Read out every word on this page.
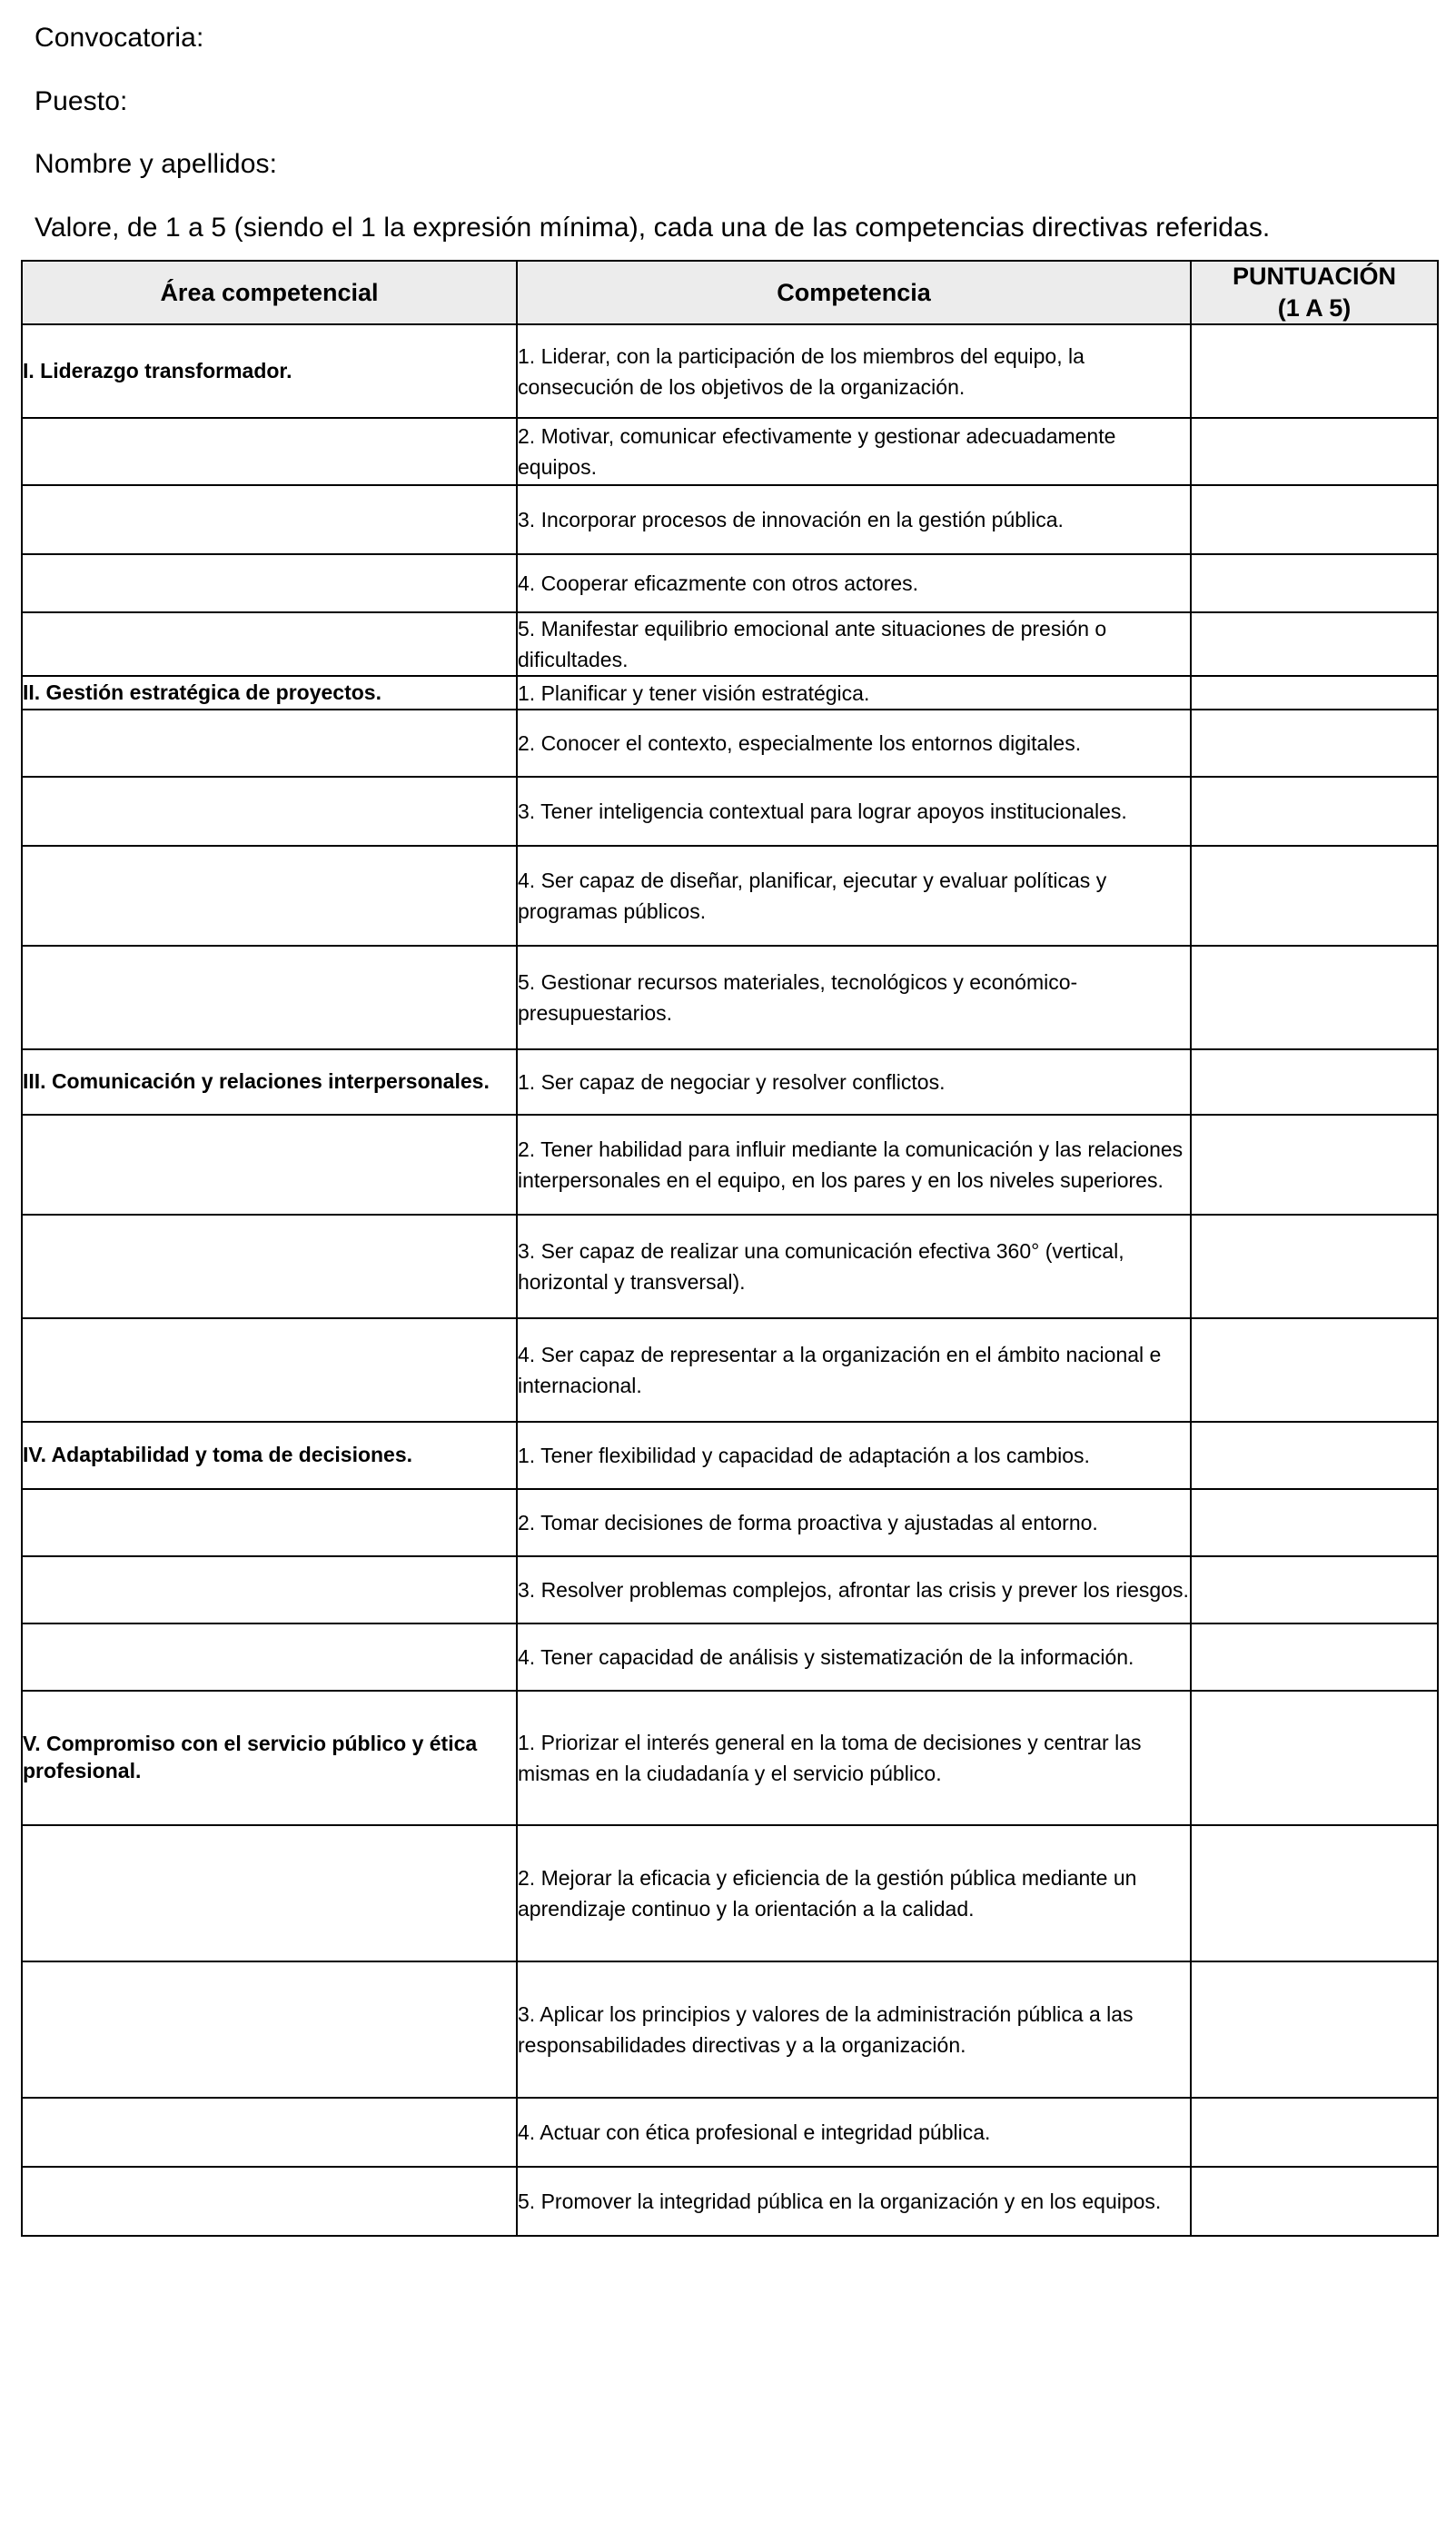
Convocatoria:

Puesto:

Nombre y apellidos:

Valore, de 1 a 5 (siendo el 1 la expresión mínima), cada una de las competencias directivas referidas.

Área competencial	Competencia	PUNTUACIÓN
(1 A 5)

I. Liderazgo transformador.	1. Liderar, con la participación de los miembros del equipo, la consecución de los objetivos de la organización.	
	2. Motivar, comunicar efectivamente y gestionar adecuadamente equipos.	
	3. Incorporar procesos de innovación en la gestión pública.	
	4. Cooperar eficazmente con otros actores.	
	5. Manifestar equilibrio emocional ante situaciones de presión o dificultades.	
II. Gestión estratégica de proyectos.	1. Planificar y tener visión estratégica.	
	2. Conocer el contexto, especialmente los entornos digitales.	
	3. Tener inteligencia contextual para lograr apoyos institucionales.	
	4. Ser capaz de diseñar, planificar, ejecutar y evaluar políticas y programas públicos.	
	5. Gestionar recursos materiales, tecnológicos y económico-presupuestarios.	
III. Comunicación y relaciones interpersonales.	1. Ser capaz de negociar y resolver conflictos.	
	2. Tener habilidad para influir mediante la comunicación y las relaciones interpersonales en el equipo, en los pares y en los niveles superiores.	
	3. Ser capaz de realizar una comunicación efectiva 360° (vertical, horizontal y transversal).	
	4. Ser capaz de representar a la organización en el ámbito nacional e internacional.	
IV. Adaptabilidad y toma de decisiones.	1. Tener flexibilidad y capacidad de adaptación a los cambios.	
	2. Tomar decisiones de forma proactiva y ajustadas al entorno.	
	3. Resolver problemas complejos, afrontar las crisis y prever los riesgos.	
	4. Tener capacidad de análisis y sistematización de la información.	
V. Compromiso con el servicio público y ética profesional.	1. Priorizar el interés general en la toma de decisiones y centrar las mismas en la ciudadanía y el servicio público.	
	2. Mejorar la eficacia y eficiencia de la gestión pública mediante un aprendizaje continuo y la orientación a la calidad.	
	3. Aplicar los principios y valores de la administración pública a las responsabilidades directivas y a la organización.	
	4. Actuar con ética profesional e integridad pública.	
	5. Promover la integridad pública en la organización y en los equipos.	
